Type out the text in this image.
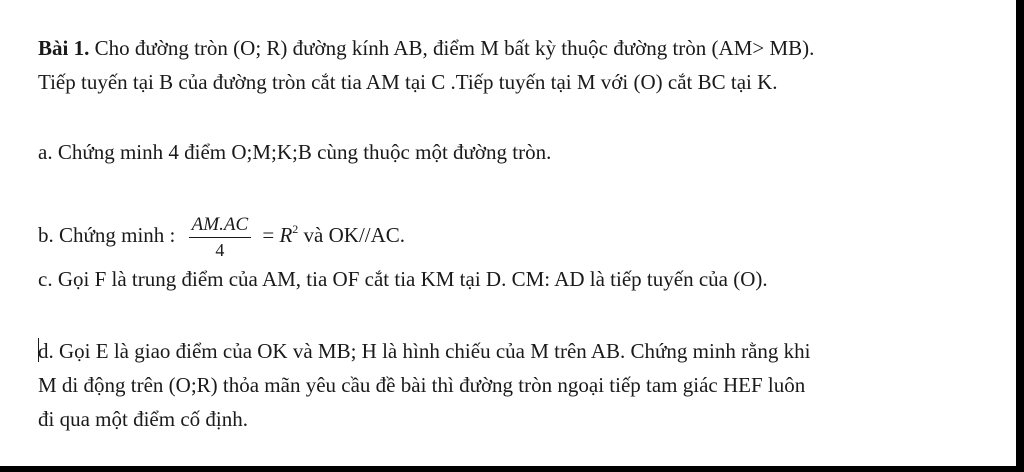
Bài 1. Cho đường tròn (O; R) đường kính AB, điểm M bất kỳ thuộc đường tròn (AM> MB).
Tiếp tuyến tại B của đường tròn cắt tia AM tại C .Tiếp tuyến tại M với (O) cắt BC tại K.
a. Chứng minh 4 điểm O;M;K;B cùng thuộc một đường tròn.
b. Chứng minh : $\frac{AM.AC}{4} = R^2$ và OK//AC.
c. Gọi F là trung điểm của AM, tia OF cắt tia KM tại D. CM: AD là tiếp tuyến của (O).
d. Gọi E là giao điểm của OK và MB; H là hình chiếu của M trên AB. Chứng minh rằng khi
M di động trên (O;R) thỏa mãn yêu cầu đề bài thì đường tròn ngoại tiếp tam giác HEF luôn
đi qua một điểm cố định.
